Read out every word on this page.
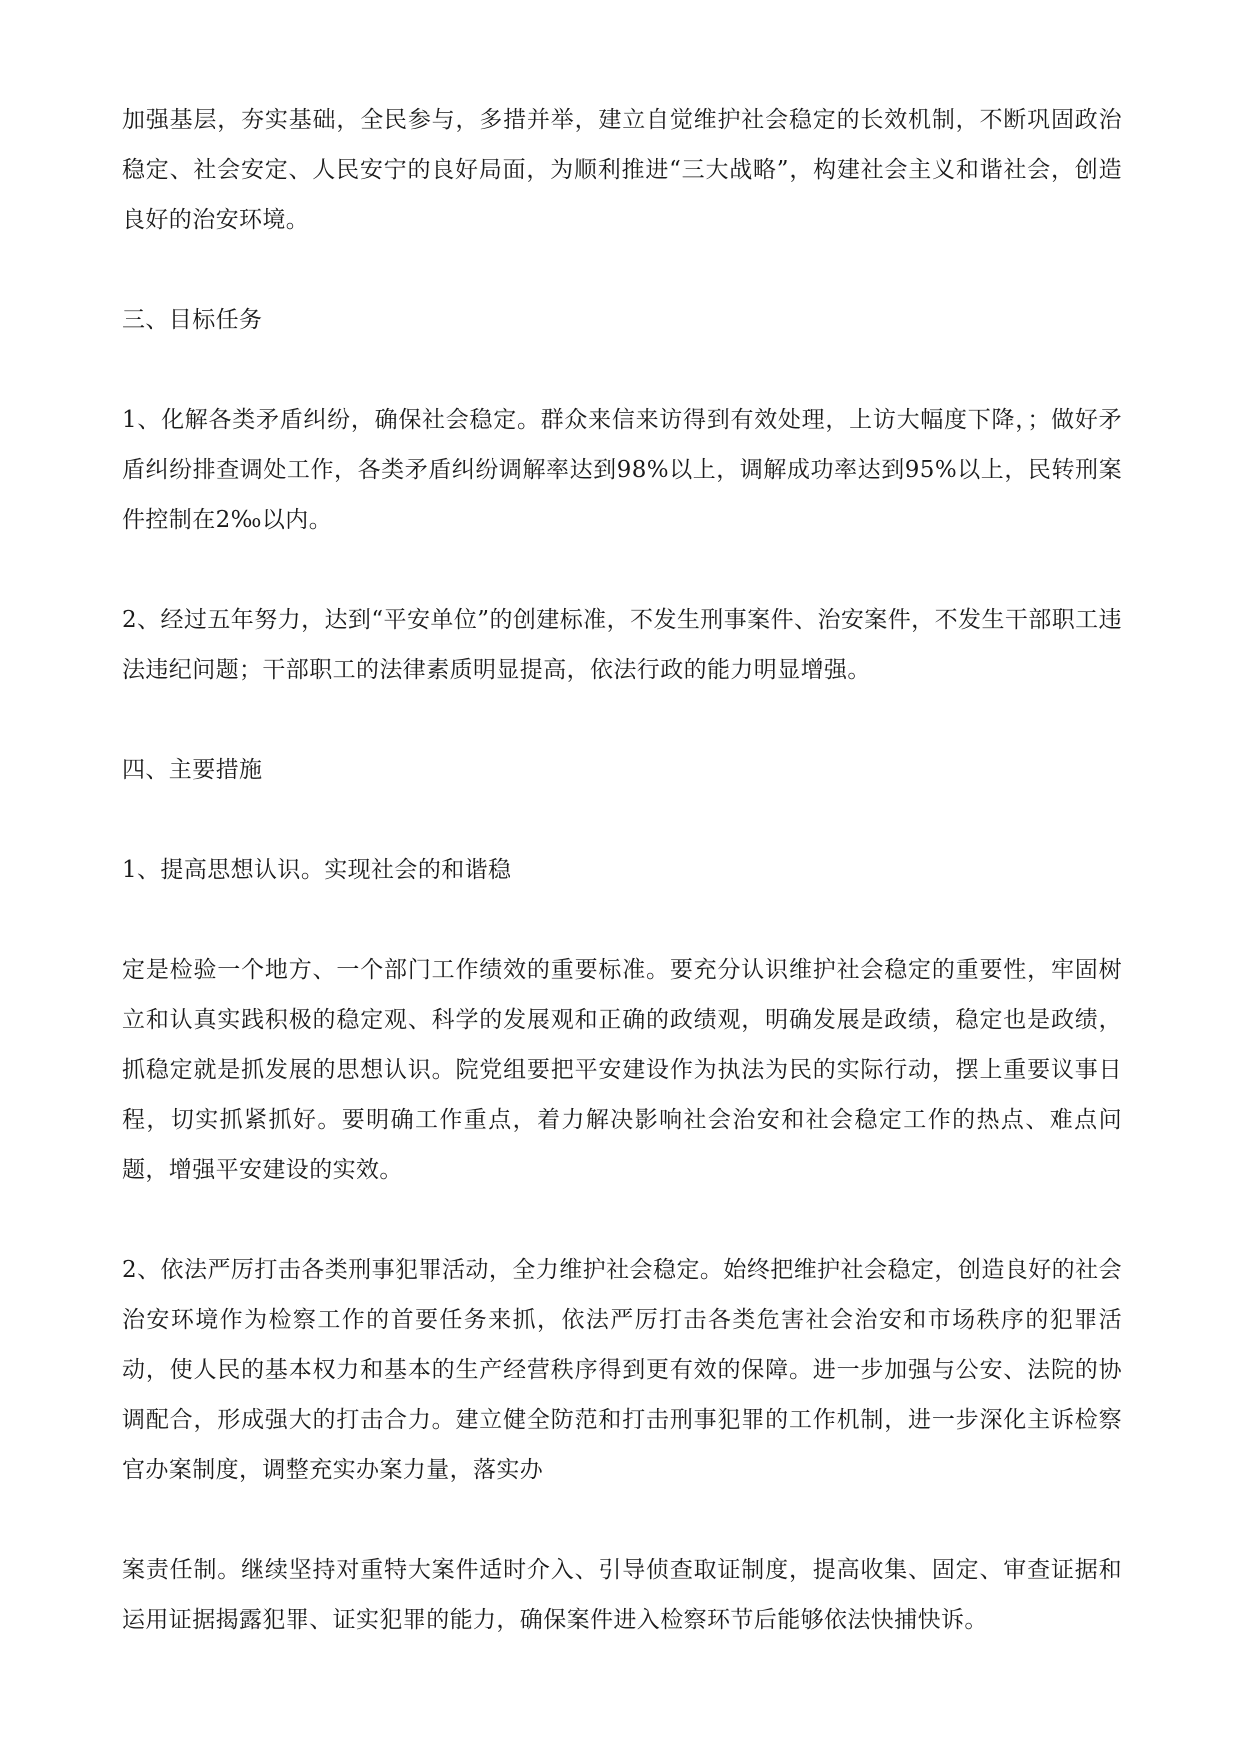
加强基层，夯实基础，全民参与，多措并举，建立自觉维护社会稳定的长效机制，不断巩固政治稳定、社会安定、人民安宁的良好局面，为顺利推进“三大战略”，构建社会主义和谐社会，创造良好的治安环境。

三、目标任务

1、化解各类矛盾纠纷，确保社会稳定。群众来信来访得到有效处理，上访大幅度下降，；做好矛盾纠纷排查调处工作，各类矛盾纠纷调解率达到98%以上，调解成功率达到95%以上，民转刑案件控制在2‰以内。

2、经过五年努力，达到“平安单位”的创建标准，不发生刑事案件、治安案件，不发生干部职工违法违纪问题；干部职工的法律素质明显提高，依法行政的能力明显增强。

四、主要措施

1、提高思想认识。实现社会的和谐稳

定是检验一个地方、一个部门工作绩效的重要标准。要充分认识维护社会稳定的重要性，牢固树立和认真实践积极的稳定观、科学的发展观和正确的政绩观，明确发展是政绩，稳定也是政绩，抓稳定就是抓发展的思想认识。院党组要把平安建设作为执法为民的实际行动，摆上重要议事日程，切实抓紧抓好。要明确工作重点，着力解决影响社会治安和社会稳定工作的热点、难点问题，增强平安建设的实效。

2、依法严厉打击各类刑事犯罪活动，全力维护社会稳定。始终把维护社会稳定，创造良好的社会治安环境作为检察工作的首要任务来抓，依法严厉打击各类危害社会治安和市场秩序的犯罪活动，使人民的基本权力和基本的生产经营秩序得到更有效的保障。进一步加强与公安、法院的协调配合，形成强大的打击合力。建立健全防范和打击刑事犯罪的工作机制，进一步深化主诉检察官办案制度，调整充实办案力量，落实办

案责任制。继续坚持对重特大案件适时介入、引导侦查取证制度，提高收集、固定、审查证据和运用证据揭露犯罪、证实犯罪的能力，确保案件进入检察环节后能够依法快捕快诉。
